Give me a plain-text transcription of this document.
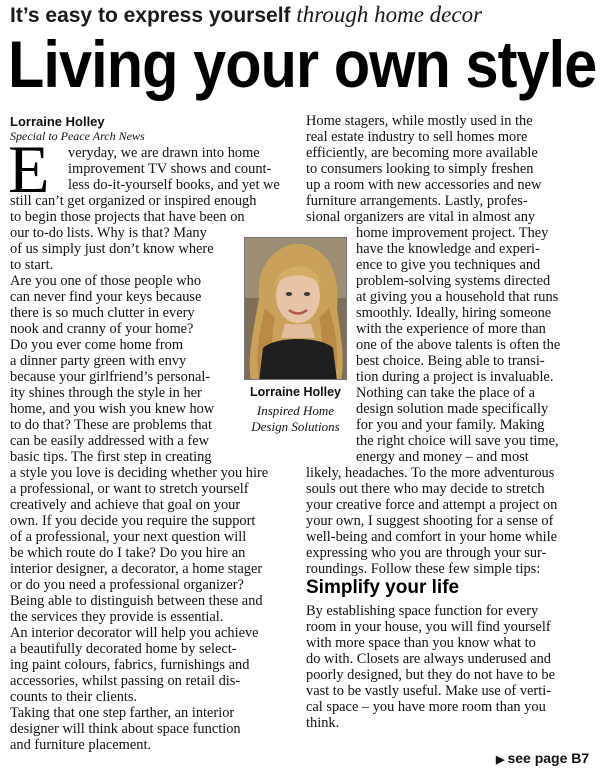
It’s easy to express yourself through home decor
Living your own style
Lorraine Holley
Special to Peace Arch News
E	veryday, we are drawn into home
improvement TV shows and count-
less do-it-yourself books, and yet we
still can’t get organized or inspired enough
to begin those projects that have been on
our to-do lists. Why is that? Many
of us simply just don’t know where
to start.
Are you one of those people who
can never find your keys because
there is so much clutter in every
nook and cranny of your home?
Do you ever come home from
a dinner party green with envy
because your girlfriend’s personal-
ity shines through the style in her
home, and you wish you knew how
to do that? These are problems that
can be easily addressed with a few
basic tips. The first step in creating
a style you love is deciding whether you hire
a professional, or want to stretch yourself
creatively and achieve that goal on your
own. If you decide you require the support
of a professional, your next question will
be which route do I take? Do you hire an
interior designer, a decorator, a home stager
or do you need a professional organizer?
Being able to distinguish between these and
the services they provide is essential.
An interior decorator will help you achieve
a beautifully decorated home by select-
ing paint colours, fabrics, furnishings and
accessories, whilst passing on retail dis-
counts to their clients.
Taking that one step farther, an interior
designer will think about space function
and furniture placement.
Home stagers, while mostly used in the
real estate industry to sell homes more
efficiently, are becoming more available
to consumers looking to simply freshen
up a room with new accessories and new
furniture arrangements. Lastly, profes-
sional organizers are vital in almost any
home improvement project. They
have the knowledge and experi-
ence to give you techniques and
problem-solving systems directed
at giving you a household that runs
smoothly. Ideally, hiring someone
with the experience of more than
one of the above talents is often the
best choice. Being able to transi-
tion during a project is invaluable.
Nothing can take the place of a
design solution made specifically
for you and your family. Making
the right choice will save you time,
energy and money – and most
likely, headaches. To the more adventurous
souls out there who may decide to stretch
your creative force and attempt a project on
your own, I suggest shooting for a sense of
well-being and comfort in your home while
expressing who you are through your sur-
roundings. Follow these few simple tips:
Simplify your life
By establishing space function for every
room in your house, you will find yourself
with more space than you know what to
do with. Closets are always underused and
poorly designed, but they do not have to be
vast to be vastly useful. Make use of verti-
cal space – you have more room than you
think.
Lorraine Holley
Inspired Home
Design Solutions
▶ see page B7
